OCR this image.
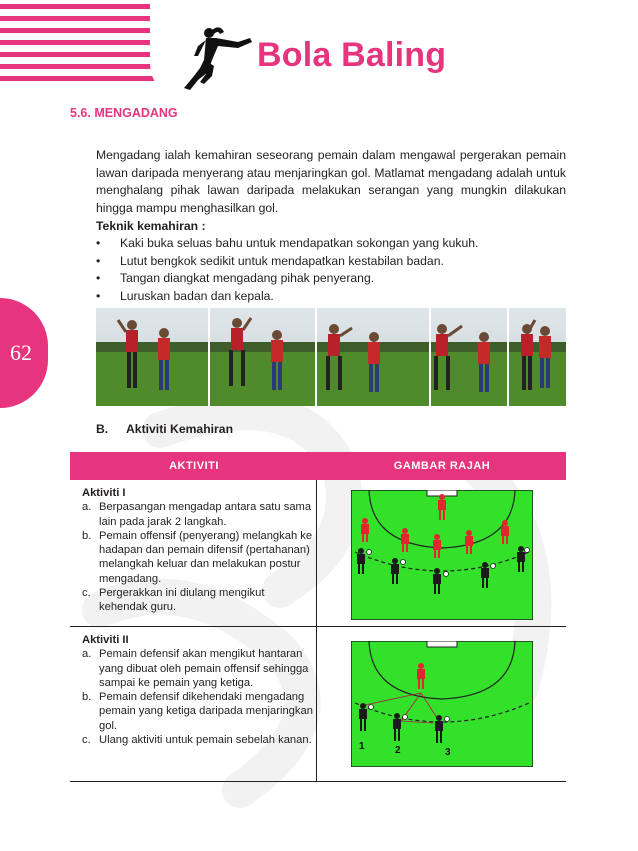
Bola Baling
62
5.6. MENGADANG
Mengadang ialah kemahiran seseorang pemain dalam mengawal pergerakan pemain lawan daripada menyerang atau menjaringkan gol. Matlamat mengadang adalah untuk menghalang pihak lawan daripada melakukan serangan yang mungkin dilakukan hingga mampu menghasilkan gol.
Teknik kemahiran :
• Kaki buka seluas bahu untuk mendapatkan sokongan yang kukuh.
• Lutut bengkok sedikit untuk mendapatkan kestabilan badan.
• Tangan diangkat mengadang pihak penyerang.
• Luruskan badan dan kepala.
B. Aktiviti Kemahiran
AKTIVITI	GAMBAR RAJAH
Aktiviti I
a. Berpasangan mengadap antara satu sama lain pada jarak 2 langkah.
b. Pemain offensif (penyerang) melangkah ke hadapan dan pemain difensif (pertahanan) melangkah keluar dan melakukan postur mengadang.
c. Pergerakkan ini diulang mengikut kehendak guru.
Aktiviti II
a. Pemain defensif akan mengikut hantaran yang dibuat oleh pemain offensif sehingga sampai ke pemain yang ketiga.
b. Pemain defensif dikehendaki mengadang pemain yang ketiga daripada menjaringkan gol.
c. Ulang aktiviti untuk pemain sebelah kanan.
1	2	3
